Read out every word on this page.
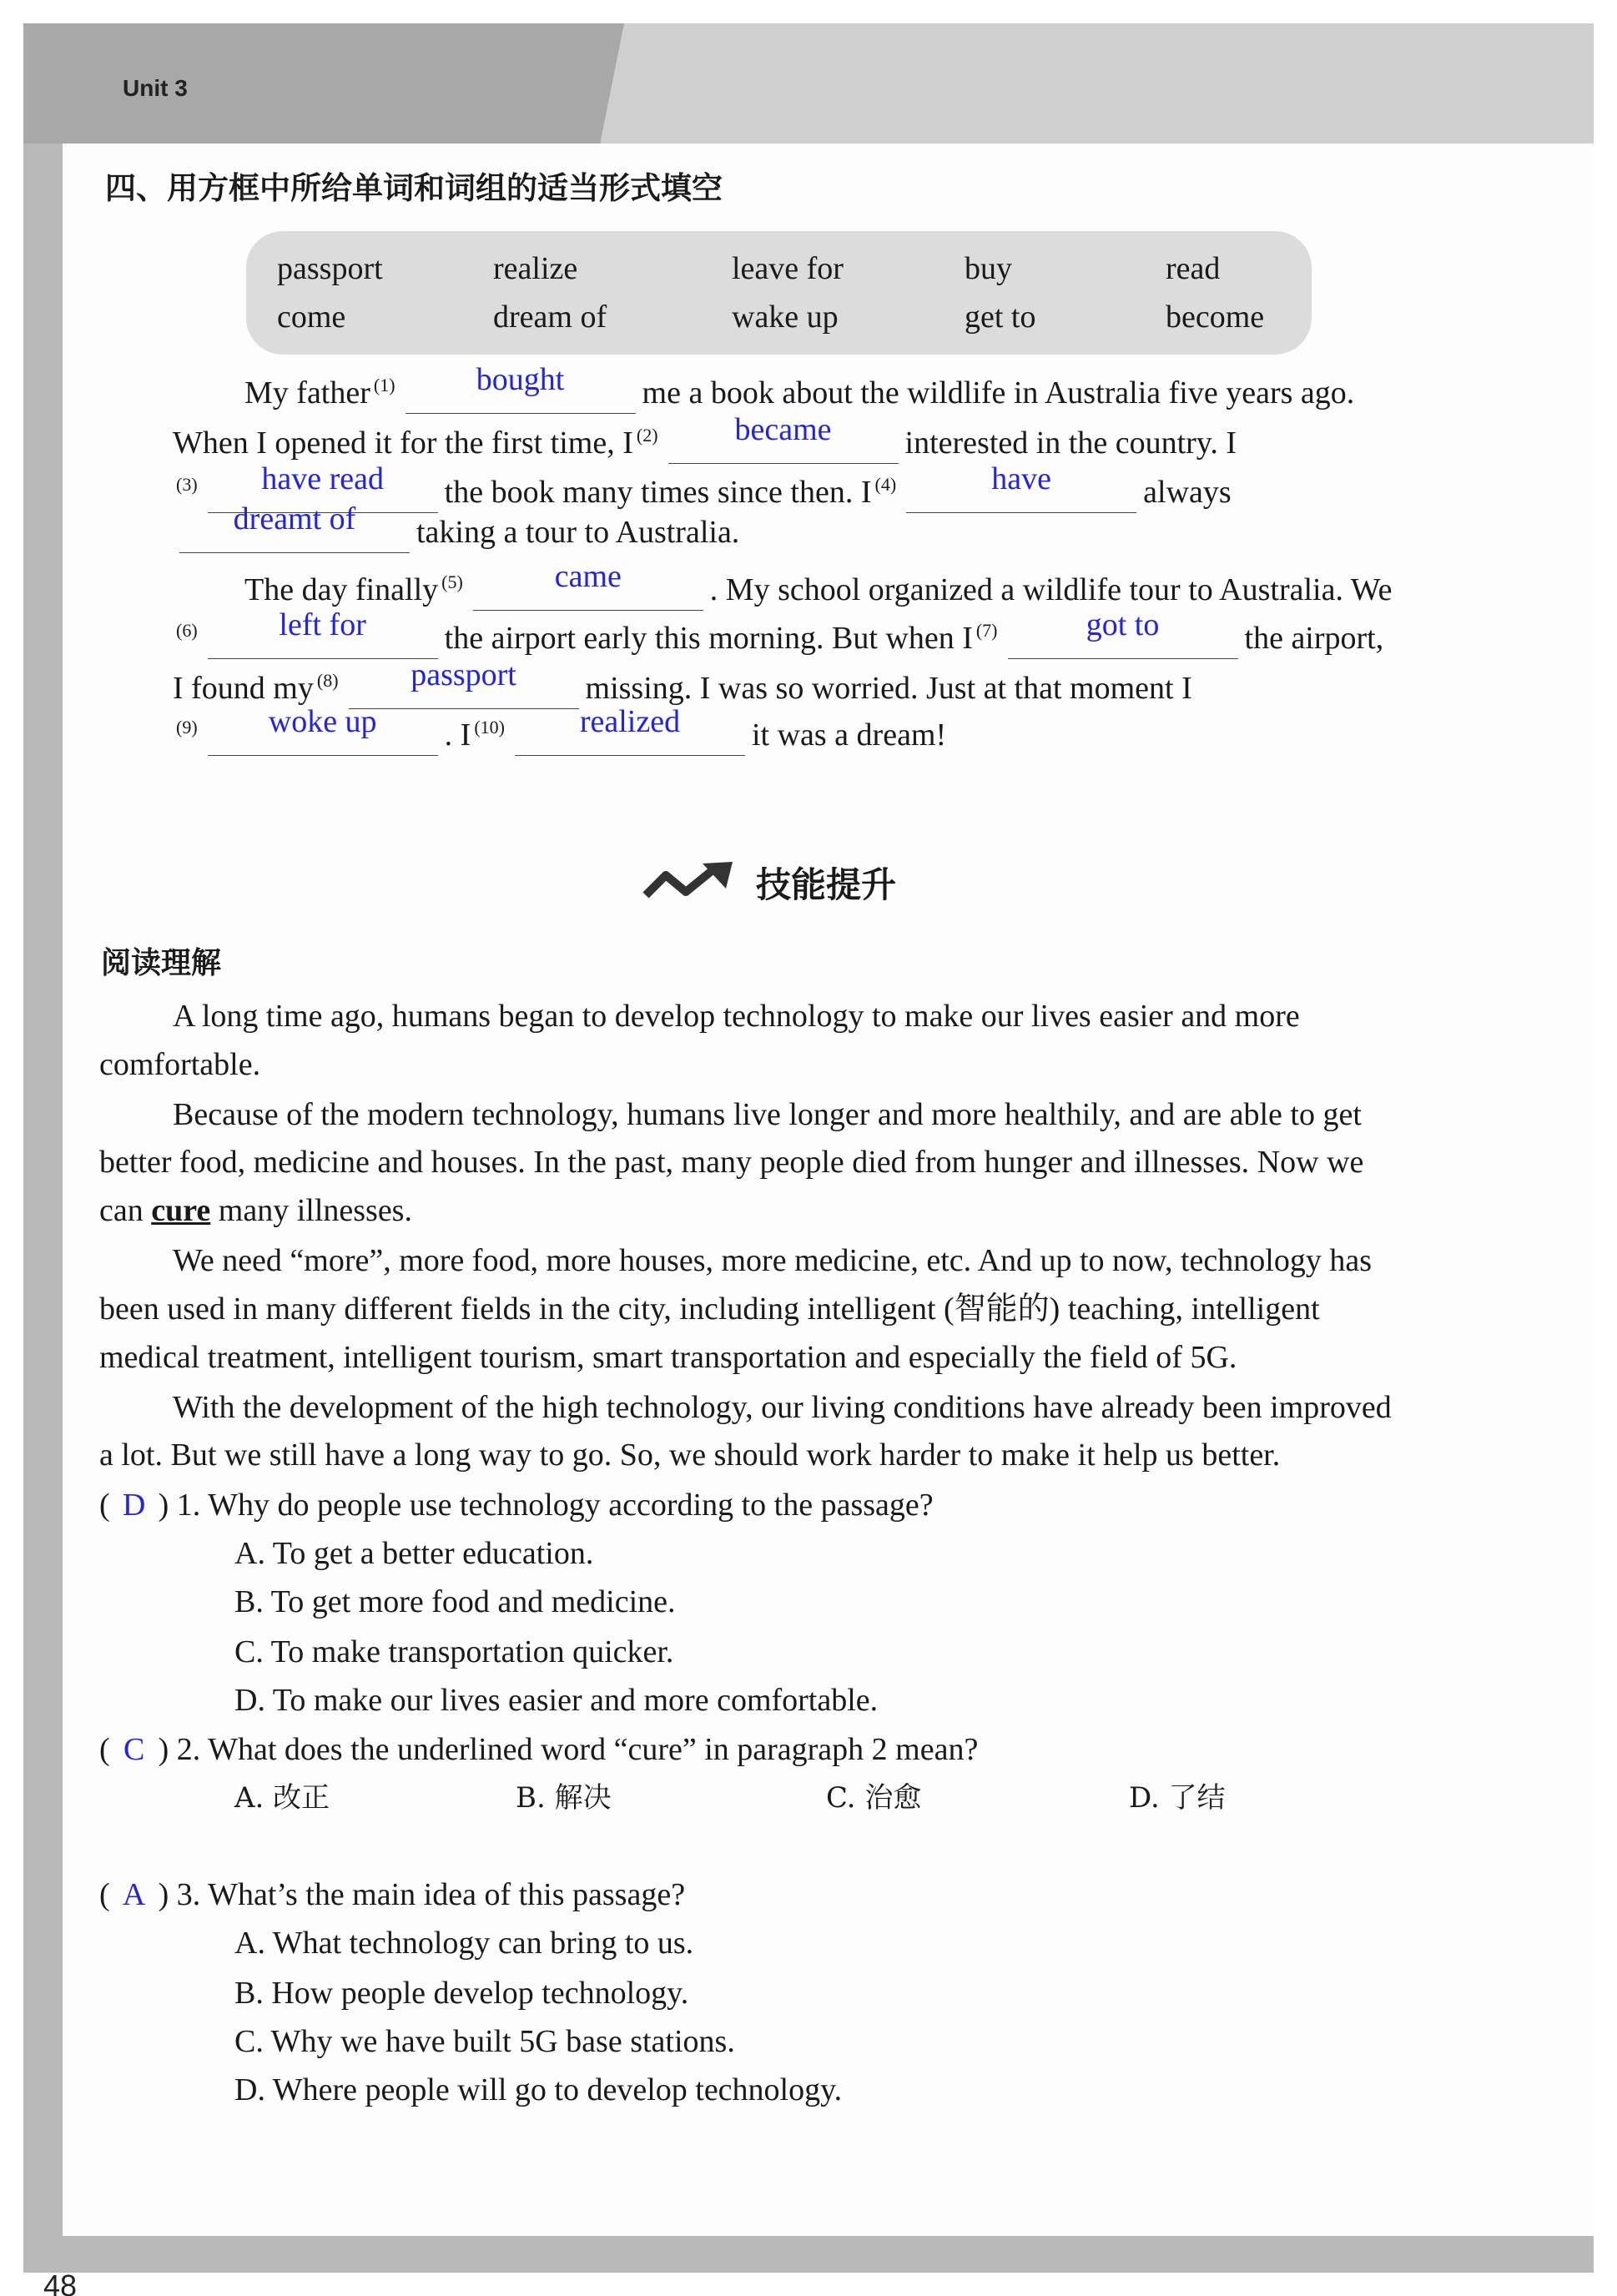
Unit 3
48
四、用方框中所给单词和词组的适当形式填空
passport	realize	leave for	buy	read
come	dream of	wake up	get to	become
My father $^{(1)}$	bought me a book about the wildlife in Australia five years ago.
When I opened it for the first time, I $^{(2)}$ became interested in the country. I
$^{(3)}$ have read the book many times since then. I $^{(4)}$	have	always
dreamt of taking a tour to Australia.
The day finally $^{(5)}$	came	. My school organized a wildlife tour to Australia. We
$^{(6)}$	left for the airport early this morning. But when I $^{(7)}$	got to	the airport,
I found my $^{(8)}$ passport missing. I was so worried. Just at that moment I
$^{(9)}$ woke up . I $^{(10)}$ realized it was a dream!
技能提升
阅读理解
A long time ago, humans began to develop technology to make our lives easier and more
comfortable.
Because of the modern technology, humans live longer and more healthily, and are able to get
better food, medicine and houses. In the past, many people died from hunger and illnesses. Now we
can cure many illnesses.
We need “more”, more food, more houses, more medicine, etc. And up to now, technology has
been used in many different fields in the city, including intelligent (智能的) teaching, intelligent
medical treatment, intelligent tourism, smart transportation and especially the field of 5G.
With the development of the high technology, our living conditions have already been improved
a lot. But we still have a long way to go. So, we should work harder to make it help us better.
( D ) 1. Why do people use technology according to the passage?
A. To get a better education.
B. To get more food and medicine.
C. To make transportation quicker.
D. To make our lives easier and more comfortable.
( C ) 2. What does the underlined word “cure” in paragraph 2 mean?
A. 改正	B. 解决	C. 治愈	D. 了结
( A ) 3. What’s the main idea of this passage?
A. What technology can bring to us.
B. How people develop technology.
C. Why we have built 5G base stations.
D. Where people will go to develop technology.
